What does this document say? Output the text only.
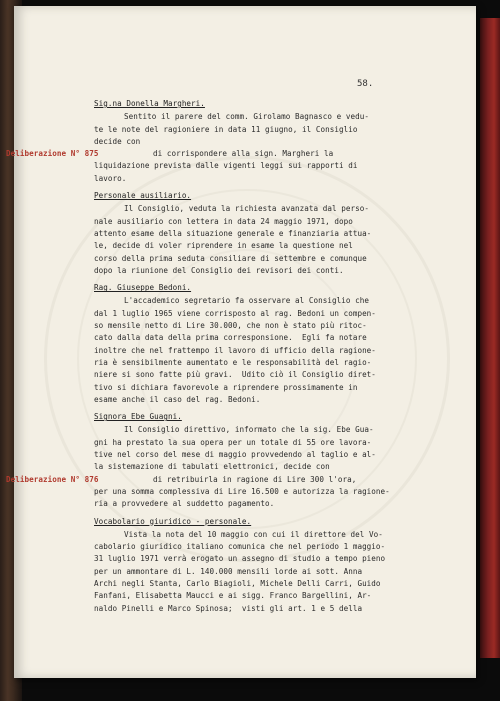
58.
Sig.na Donella Margheri.
Sentito il parere del comm. Girolamo Bagnasco e vedu-
te le note del ragioniere in data 11 giugno, il Consiglio
decide con
Deliberazione N° 875	di corrispondere alla sign. Margheri la
liquidazione prevista dalle vigenti leggi sui rapporti di
lavoro.
Personale ausiliario.
Il Consiglio, veduta la richiesta avanzata dal perso-
nale ausiliario con lettera in data 24 maggio 1971, dopo
attento esame della situazione generale e finanziaria attua-
le, decide di voler riprendere in esame la questione nel
corso della prima seduta consiliare di settembre e comunque
dopo la riunione del Consiglio dei revisori dei conti.
Rag. Giuseppe Bedoni.
L'accademico segretario fa osservare al Consiglio che
dal 1 luglio 1965 viene corrisposto al rag. Bedoni un compen-
so mensile netto di Lire 30.000, che non è stato più ritoc-
cato dalla data della prima corresponsione.  Egli fa notare
inoltre che nel frattempo il lavoro di ufficio della ragione-
ria è sensibilmente aumentato e le responsabilità del ragio-
niere si sono fatte più gravi.  Udito ciò il Consiglio diret-
tivo si dichiara favorevole a riprendere prossimamente in
esame anche il caso del rag. Bedoni.
Signora Ebe Guagni.
Il Consiglio direttivo, informato che la sig. Ebe Gua-
gni ha prestato la sua opera per un totale di 55 ore lavora-
tive nel corso del mese di maggio provvedendo al taglio e al-
la sistemazione di tabulati elettronici, decide con
Deliberazione N° 876	di retribuirla in ragione di Lire 300 l'ora,
per una somma complessiva di Lire 16.500 e autorizza la ragione-
ria a provvedere al suddetto pagamento.
Vocabolario giuridico - personale.
Vista la nota del 10 maggio con cui il direttore del Vo-
cabolario giuridico italiano comunica che nel periodo 1 maggio-
31 luglio 1971 verrà erogato un assegno di studio a tempo pieno
per un ammontare di L. 140.000 mensili lorde ai sott. Anna
Archi negli Stanta, Carlo Biagioli, Michele Delli Carri, Guido
Fanfani, Elisabetta Maucci e ai sigg. Franco Bargellini, Ar-
naldo Pinelli e Marco Spinosa;  visti gli art. 1 e 5 della
